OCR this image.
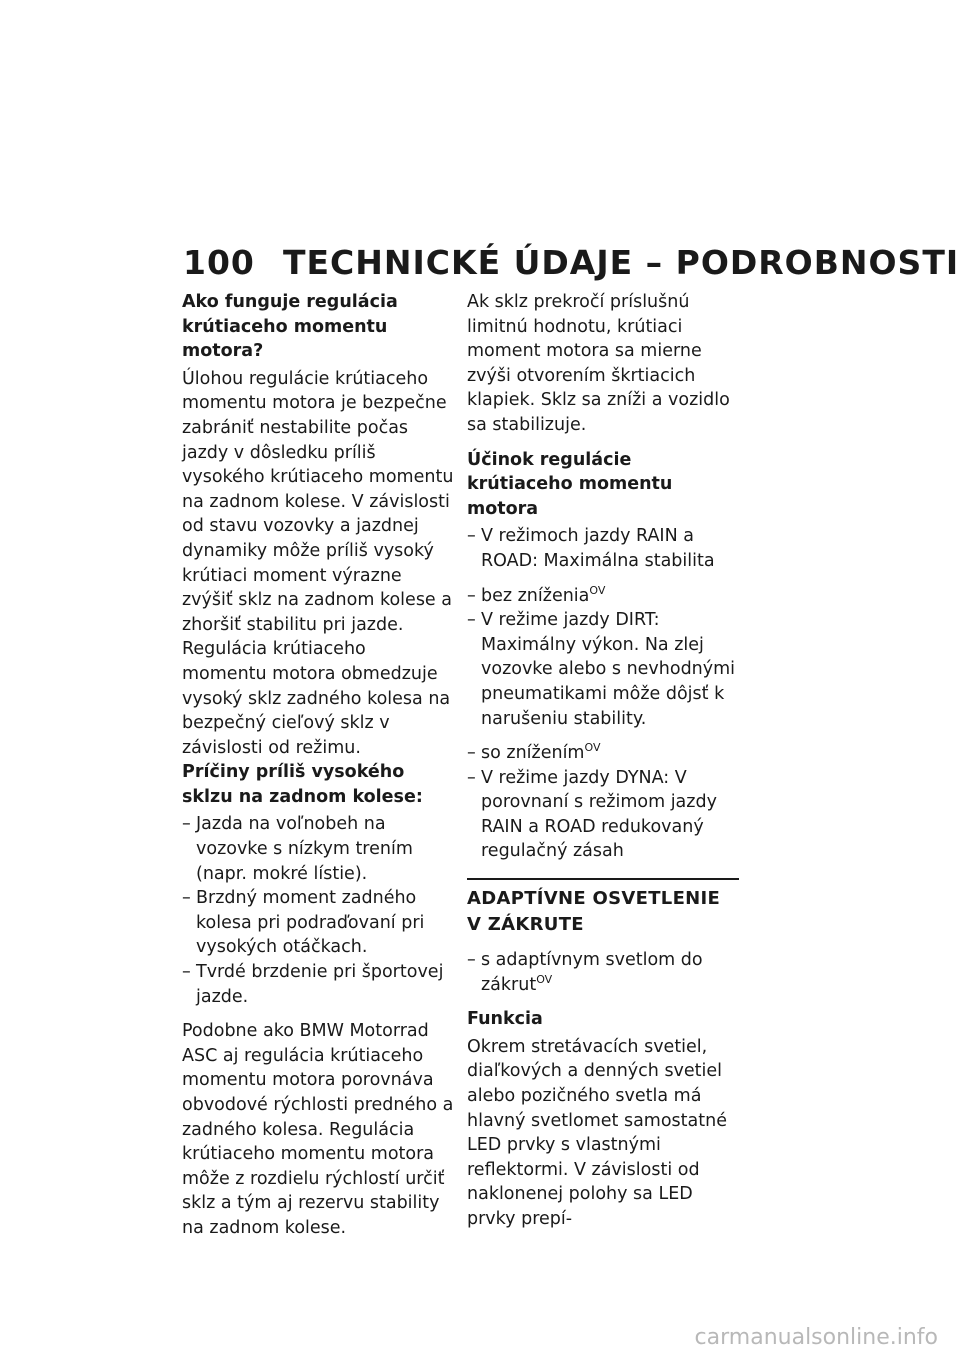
100 TECHNICKÉ ÚDAJE – PODROBNOSTI
Ako funguje regulácia krútiaceho momentu motora?
Úlohou regulácie krútiaceho momentu motora je bezpečne zabrániť nestabilite počas jazdy v dôsledku príliš vysokého krútiaceho momentu na zadnom kolese. V závislosti od stavu vozovky a jazdnej dynamiky môže príliš vysoký krútiaci moment výrazne zvýšiť sklz na zadnom kolese a zhoršiť stabilitu pri jazde. Regulácia krútiaceho momentu motora obmedzuje vysoký sklz zadného kolesa na bezpečný cieľový sklz v závislosti od režimu.
Príčiny príliš vysokého sklzu na zadnom kolese:
– Jazda na voľnobeh na vozovke s nízkym trením (napr. mokré lístie).
– Brzdný moment zadného kolesa pri podraďovaní pri vysokých otáčkach.
– Tvrdé brzdenie pri športovej jazde.
Podobne ako BMW Motorrad ASC aj regulácia krútiaceho momentu motora porovnáva obvodové rýchlosti predného a zadného kolesa. Regulácia krútiaceho momentu motora môže z rozdielu rýchlostí určiť sklz a tým aj rezervu stability na zadnom kolese.
Ak sklz prekročí príslušnú limitnú hodnotu, krútiaci moment motora sa mierne zvýši otvorením škrtiacich klapiek. Sklz sa zníži a vozidlo sa stabilizuje.
Účinok regulácie krútiaceho momentu motora
– V režimoch jazdy RAIN a ROAD: Maximálna stabilita
– bez zníženia$^{OV}$
– V režime jazdy DIRT: Maximálny výkon. Na zlej vozovke alebo s nevhodnými pneumatikami môže dôjsť k narušeniu stability.
– so znížením$^{OV}$
– V režime jazdy DYNA: V porovnaní s režimom jazdy RAIN a ROAD redukovaný regulačný zásah
ADAPTÍVNE OSVETLENIE
V ZÁKRUTE
– s adaptívnym svetlom do zákrut$^{OV}$
Funkcia
Okrem stretávacích svetiel, diaľkových a denných svetiel alebo pozičného svetla má hlavný svetlomet samostatné LED prvky s vlastnými reflektormi. V závislosti od naklonenej polohy sa LED prvky prepí-
carmanualsonline.info
